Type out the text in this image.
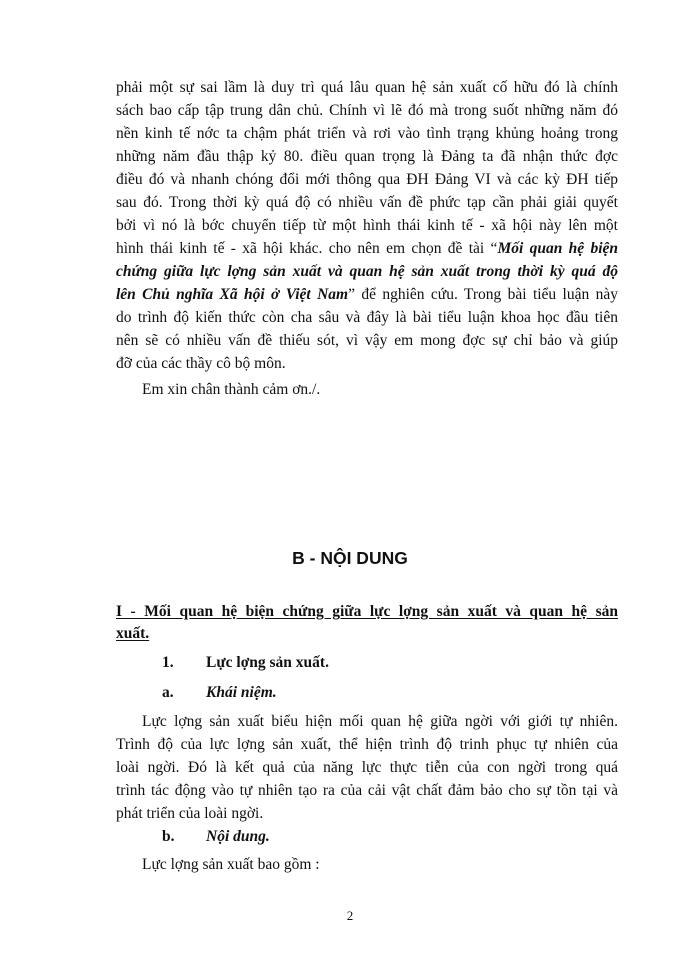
phải một sự sai lầm là duy trì quá lâu quan hệ sản xuất cố hữu đó là chính
sách bao cấp tập trung dân chủ. Chính vì lẽ đó mà trong suốt những năm đó
nền kinh tế nớc ta chậm phát triển và rơi vào tình trạng khủng hoảng trong
những năm đầu thập kỷ 80. điều quan trọng là Đảng ta đã nhận thức đợc
điều đó và nhanh chóng đổi mới thông qua ĐH Đảng VI và các kỳ ĐH tiếp
sau đó. Trong thời kỳ quá độ có nhiều vấn đề phức tạp cần phải giải quyết
bởi vì nó là bớc chuyển tiếp từ một hình thái kinh tế - xã hội này lên một
hình thái kinh tế - xã hội khác. cho nên em chọn đề tài “Mối quan hệ biện
chứng giữa lực lợng sản xuất và quan hệ sản xuất trong thời kỳ quá độ
lên Chủ nghĩa Xã hội ở Việt Nam” để nghiên cứu. Trong bài tiểu luận này
do trình độ kiến thức còn cha sâu và đây là bài tiểu luận khoa học đầu tiên
nên sẽ có nhiều vấn đề thiếu sót, vì vậy em mong đợc sự chỉ bảo và giúp
đỡ của các thầy cô bộ môn.
Em xin chân thành cảm ơn./.
B - NỘI DUNG
I - Mối quan hệ biện chứng giữa lực lợng sản xuất và quan hệ sản
xuất.
1. Lực lợng sản xuất.
a. Khái niệm.
Lực lợng sản xuất biểu hiện mối quan hệ giữa ngời với giới tự nhiên.
Trình độ của lực lợng sản xuất, thể hiện trình độ trinh phục tự nhiên của
loài ngời. Đó là kết quả của năng lực thực tiễn của con ngời trong quá
trình tác động vào tự nhiên tạo ra của cải vật chất đảm bảo cho sự tồn tại và
phát triển của loài ngời.
b. Nội dung.
Lực lợng sản xuất bao gồm :
2
